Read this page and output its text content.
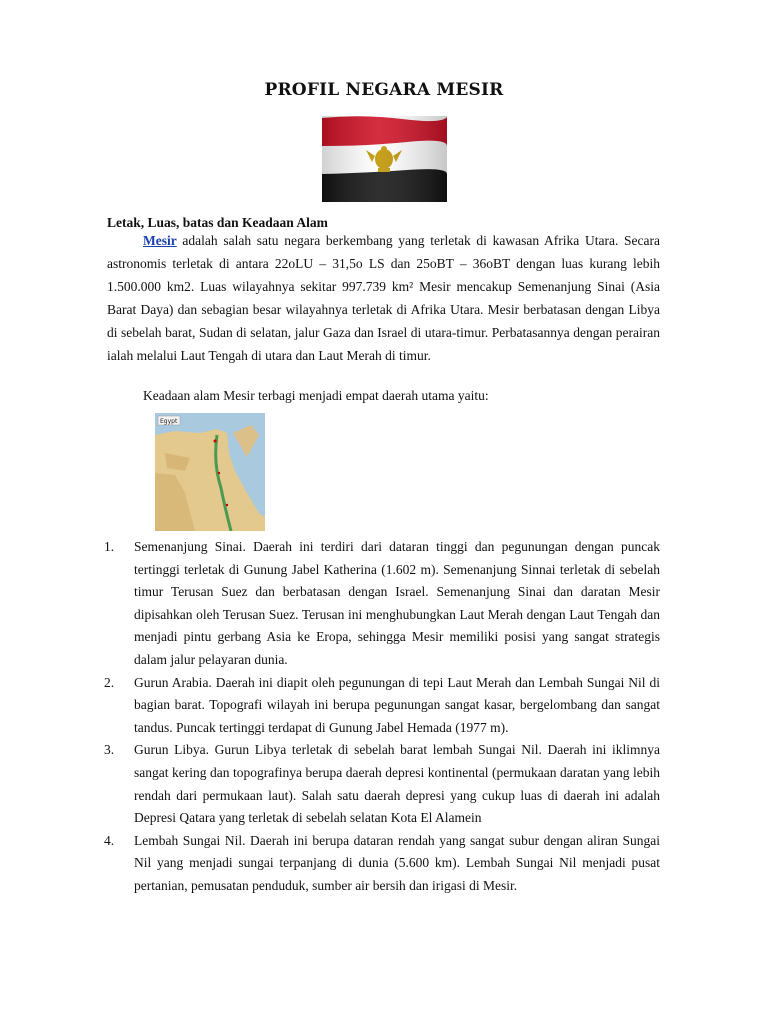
PROFIL NEGARA MESIR
Letak, Luas, batas dan Keadaan Alam

Mesir adalah salah satu negara berkembang yang terletak di kawasan Afrika Utara. Secara astronomis terletak di antara 22oLU – 31,5o LS dan 25oBT – 36oBT dengan luas kurang lebih 1.500.000 km2. Luas wilayahnya sekitar 997.739 km² Mesir mencakup Semenanjung Sinai (Asia Barat Daya) dan sebagian besar wilayahnya terletak di Afrika Utara. Mesir berbatasan dengan Libya di sebelah barat, Sudan di selatan, jalur Gaza dan Israel di utara-timur. Perbatasannya dengan perairan ialah melalui Laut Tengah di utara dan Laut Merah di timur.

Keadaan alam Mesir terbagi menjadi empat daerah utama yaitu:
Egypt

1. Semenanjung Sinai. Daerah ini terdiri dari dataran tinggi dan pegunungan dengan puncak tertinggi terletak di Gunung Jabel Katherina (1.602 m). Semenanjung Sinnai terletak di sebelah timur Terusan Suez dan berbatasan dengan Israel. Semenanjung Sinai dan daratan Mesir dipisahkan oleh Terusan Suez. Terusan ini menghubungkan Laut Merah dengan Laut Tengah dan menjadi pintu gerbang Asia ke Eropa, sehingga Mesir memiliki posisi yang sangat strategis dalam jalur pelayaran dunia.

2. Gurun Arabia. Daerah ini diapit oleh pegunungan di tepi Laut Merah dan Lembah Sungai Nil di bagian barat. Topografi wilayah ini berupa pegunungan sangat kasar, bergelombang dan sangat tandus. Puncak tertinggi terdapat di Gunung Jabel Hemada (1977 m).

3. Gurun Libya. Gurun Libya terletak di sebelah barat lembah Sungai Nil. Daerah ini iklimnya sangat kering dan topografinya berupa daerah depresi kontinental (permukaan daratan yang lebih rendah dari permukaan laut). Salah satu daerah depresi yang cukup luas di daerah ini adalah Depresi Qatara yang terletak di sebelah selatan Kota El Alamein

4. Lembah Sungai Nil. Daerah ini berupa dataran rendah yang sangat subur dengan aliran Sungai Nil yang menjadi sungai terpanjang di dunia (5.600 km). Lembah Sungai Nil menjadi pusat pertanian, pemusatan penduduk, sumber air bersih dan irigasi di Mesir.
